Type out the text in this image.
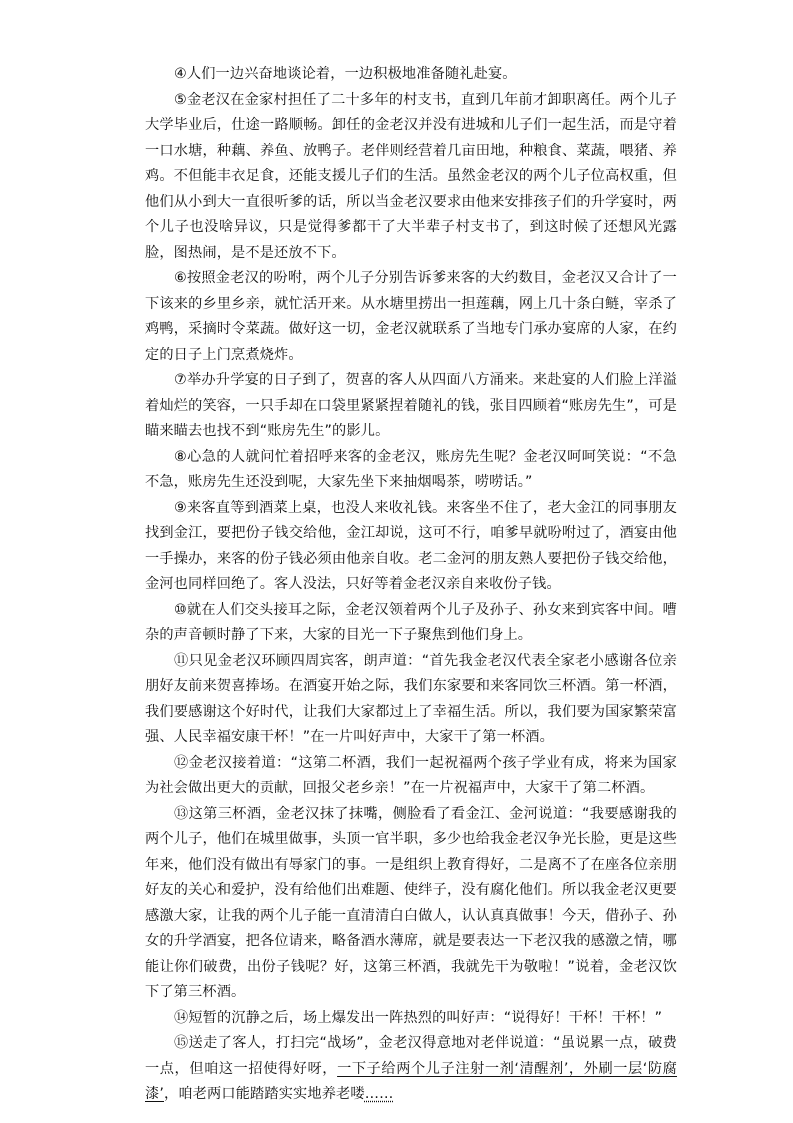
④人们一边兴奋地谈论着，一边积极地准备随礼赴宴。

⑤金老汉在金家村担任了二十多年的村支书，直到几年前才卸职离任。两个儿子大学毕业后，仕途一路顺畅。卸任的金老汉并没有进城和儿子们一起生活，而是守着一口水塘，种藕、养鱼、放鸭子。老伴则经营着几亩田地，种粮食、菜蔬，喂猪、养鸡。不但能丰衣足食，还能支援儿子们的生活。虽然金老汉的两个儿子位高权重，但他们从小到大一直很听爹的话，所以当金老汉要求由他来安排孩子们的升学宴时，两个儿子也没啥异议，只是觉得爹都干了大半辈子村支书了，到这时候了还想风光露脸，图热闹，是不是还放不下。

⑥按照金老汉的吩咐，两个儿子分别告诉爹来客的大约数目，金老汉又合计了一下该来的乡里乡亲，就忙活开来。从水塘里捞出一担莲藕，网上几十条白鲢，宰杀了鸡鸭，采摘时令菜蔬。做好这一切，金老汉就联系了当地专门承办宴席的人家，在约定的日子上门烹煮烧炸。

⑦举办升学宴的日子到了，贺喜的客人从四面八方涌来。来赴宴的人们脸上洋溢着灿烂的笑容，一只手却在口袋里紧紧捏着随礼的钱，张目四顾着“账房先生”，可是瞄来瞄去也找不到“账房先生”的影儿。

⑧心急的人就问忙着招呼来客的金老汉，账房先生呢？金老汉呵呵笑说：“不急不急，账房先生还没到呢，大家先坐下来抽烟喝茶，唠唠话。”

⑨来客直等到酒菜上桌，也没人来收礼钱。来客坐不住了，老大金江的同事朋友找到金江，要把份子钱交给他，金江却说，这可不行，咱爹早就吩咐过了，酒宴由他一手操办，来客的份子钱必须由他亲自收。老二金河的朋友熟人要把份子钱交给他，金河也同样回绝了。客人没法，只好等着金老汉亲自来收份子钱。

⑩就在人们交头接耳之际，金老汉领着两个儿子及孙子、孙女来到宾客中间。嘈杂的声音顿时静了下来，大家的目光一下子聚焦到他们身上。

⑪只见金老汉环顾四周宾客，朗声道：“首先我金老汉代表全家老小感谢各位亲朋好友前来贺喜捧场。在酒宴开始之际，我们东家要和来客同饮三杯酒。第一杯酒，我们要感谢这个好时代，让我们大家都过上了幸福生活。所以，我们要为国家繁荣富强、人民幸福安康干杯！”在一片叫好声中，大家干了第一杯酒。

⑫金老汉接着道：“这第二杯酒，我们一起祝福两个孩子学业有成，将来为国家为社会做出更大的贡献，回报父老乡亲！”在一片祝福声中，大家干了第二杯酒。

⑬这第三杯酒，金老汉抹了抹嘴，侧脸看了看金江、金河说道：“我要感谢我的两个儿子，他们在城里做事，头顶一官半职，多少也给我金老汉争光长脸，更是这些年来，他们没有做出有辱家门的事。一是组织上教育得好，二是离不了在座各位亲朋好友的关心和爱护，没有给他们出难题、使绊子，没有腐化他们。所以我金老汉更要感激大家，让我的两个儿子能一直清清白白做人，认认真真做事！今天，借孙子、孙女的升学酒宴，把各位请来，略备酒水薄席，就是要表达一下老汉我的感激之情，哪能让你们破费，出份子钱呢？好，这第三杯酒，我就先干为敬啦！”说着，金老汉饮下了第三杯酒。

⑭短暂的沉静之后，场上爆发出一阵热烈的叫好声：“说得好！干杯！干杯！”

⑮送走了客人，打扫完“战场”，金老汉得意地对老伴说道：“虽说累一点，破费一点，但咱这一招使得好呀，一下子给两个儿子注射一剂‘清醒剂’，外刷一层‘防腐漆’，咱老两口能踏踏实实地养老喽……
